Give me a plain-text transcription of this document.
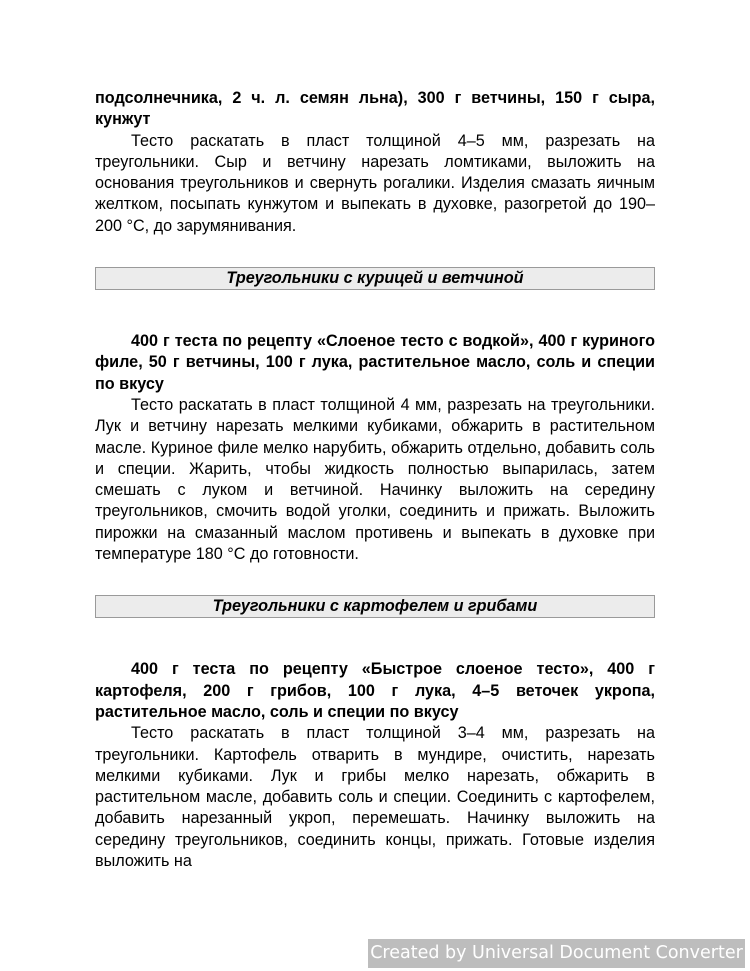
подсолнечника, 2 ч. л. семян льна), 300 г ветчины, 150 г сыра, кунжут

Тесто раскатать в пласт толщиной 4–5 мм, разрезать на треугольники. Сыр и ветчину нарезать ломтиками, выложить на основания треугольников и свернуть рогалики. Изделия смазать яичным желтком, посыпать кунжутом и выпекать в духовке, разогретой до 190–200 °С, до зарумянивания.

Треугольники с курицей и ветчиной

400 г теста по рецепту «Слоеное тесто с водкой», 400 г куриного филе, 50 г ветчины, 100 г лука, растительное масло, соль и специи по вкусу

Тесто раскатать в пласт толщиной 4 мм, разрезать на треугольники. Лук и ветчину нарезать мелкими кубиками, обжарить в растительном масле. Куриное филе мелко нарубить, обжарить отдельно, добавить соль и специи. Жарить, чтобы жидкость полностью выпарилась, затем смешать с луком и ветчиной. Начинку выложить на середину треугольников, смочить водой уголки, соединить и прижать. Выложить пирожки на смазанный маслом противень и выпекать в духовке при температуре 180 °С до готовности.

Треугольники с картофелем и грибами

400 г теста по рецепту «Быстрое слоеное тесто», 400 г картофеля, 200 г грибов, 100 г лука, 4–5 веточек укропа, растительное масло, соль и специи по вкусу

Тесто раскатать в пласт толщиной 3–4 мм, разрезать на треугольники. Картофель отварить в мундире, очистить, нарезать мелкими кубиками. Лук и грибы мелко нарезать, обжарить в растительном масле, добавить соль и специи. Соединить с картофелем, добавить нарезанный укроп, перемешать. Начинку выложить на середину треугольников, соединить концы, прижать. Готовые изделия выложить на

Created by Universal Document Converter
